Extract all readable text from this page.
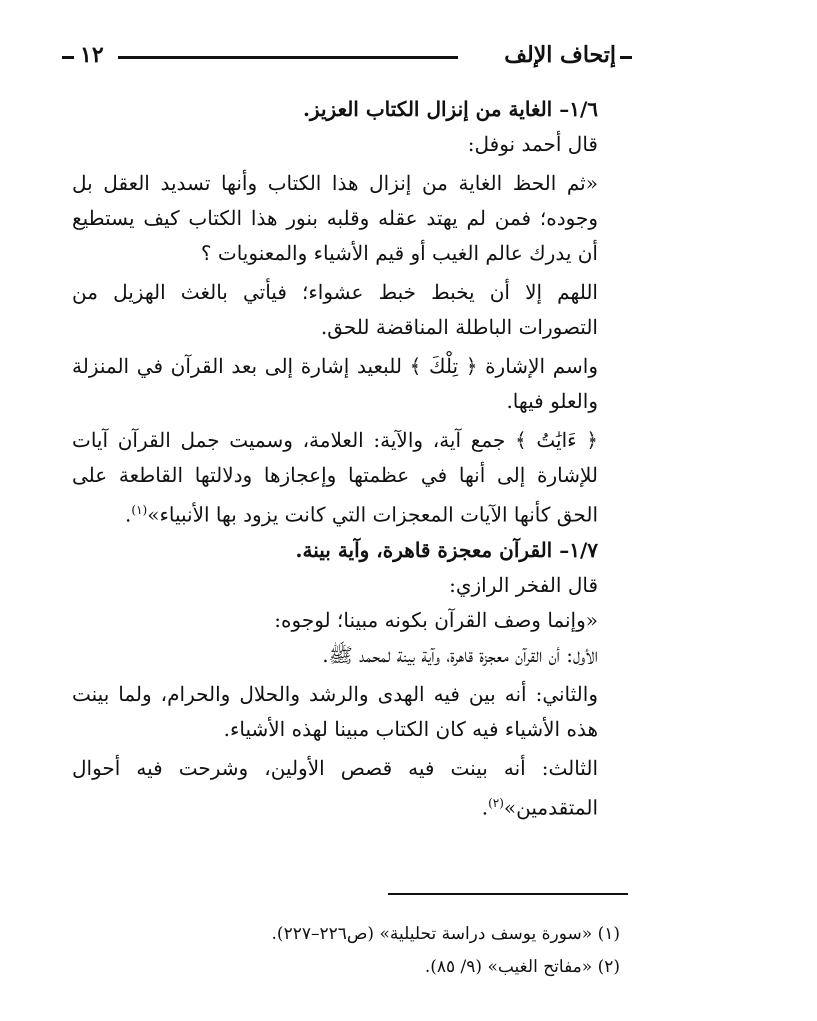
١٢	إتحاف الإلف

١/٦– الغاية من إنزال الكتاب العزيز.

قال أحمد نوفل:

«ثم الحظ الغاية من إنزال هذا الكتاب وأنها تسديد العقل بل وجوده؛ فمن لم يهتد عقله وقلبه بنور هذا الكتاب كيف يستطيع أن يدرك عالم الغيب أو قيم الأشياء والمعنويات ؟

اللهم إلا أن يخبط خبط عشواء؛ فيأتي بالغث الهزيل من التصورات الباطلة المناقضة للحق.

واسم الإشارة ﴿ تِلْكَ ﴾ للبعيد إشارة إلى بعد القرآن في المنزلة والعلو فيها.

﴿ ءَايَٰتُ ﴾ جمع آية، والآية: العلامة، وسميت جمل القرآن آيات للإشارة إلى أنها في عظمتها وإعجازها ودلالتها القاطعة على الحق كأنها الآيات المعجزات التي كانت يزود بها الأنبياء»$^{(١)}$.

١/٧– القرآن معجزة قاهرة، وآية بينة.

قال الفخر الرازي:

«وإنما وصف القرآن بكونه مبينا؛ لوجوه:

الأول: أن القرآن معجزة قاهرة، وآية بينة لمحمد ﷺ.

والثاني: أنه بين فيه الهدى والرشد والحلال والحرام، ولما بينت هذه الأشياء فيه كان الكتاب مبينا لهذه الأشياء.

الثالث: أنه بينت فيه قصص الأولين، وشرحت فيه أحوال المتقدمين»$^{(٢)}$.

(١) «سورة يوسف دراسة تحليلية» (ص٢٢٦–٢٢٧).

(٢) «مفاتح الغيب» (٩/ ٨٥).
